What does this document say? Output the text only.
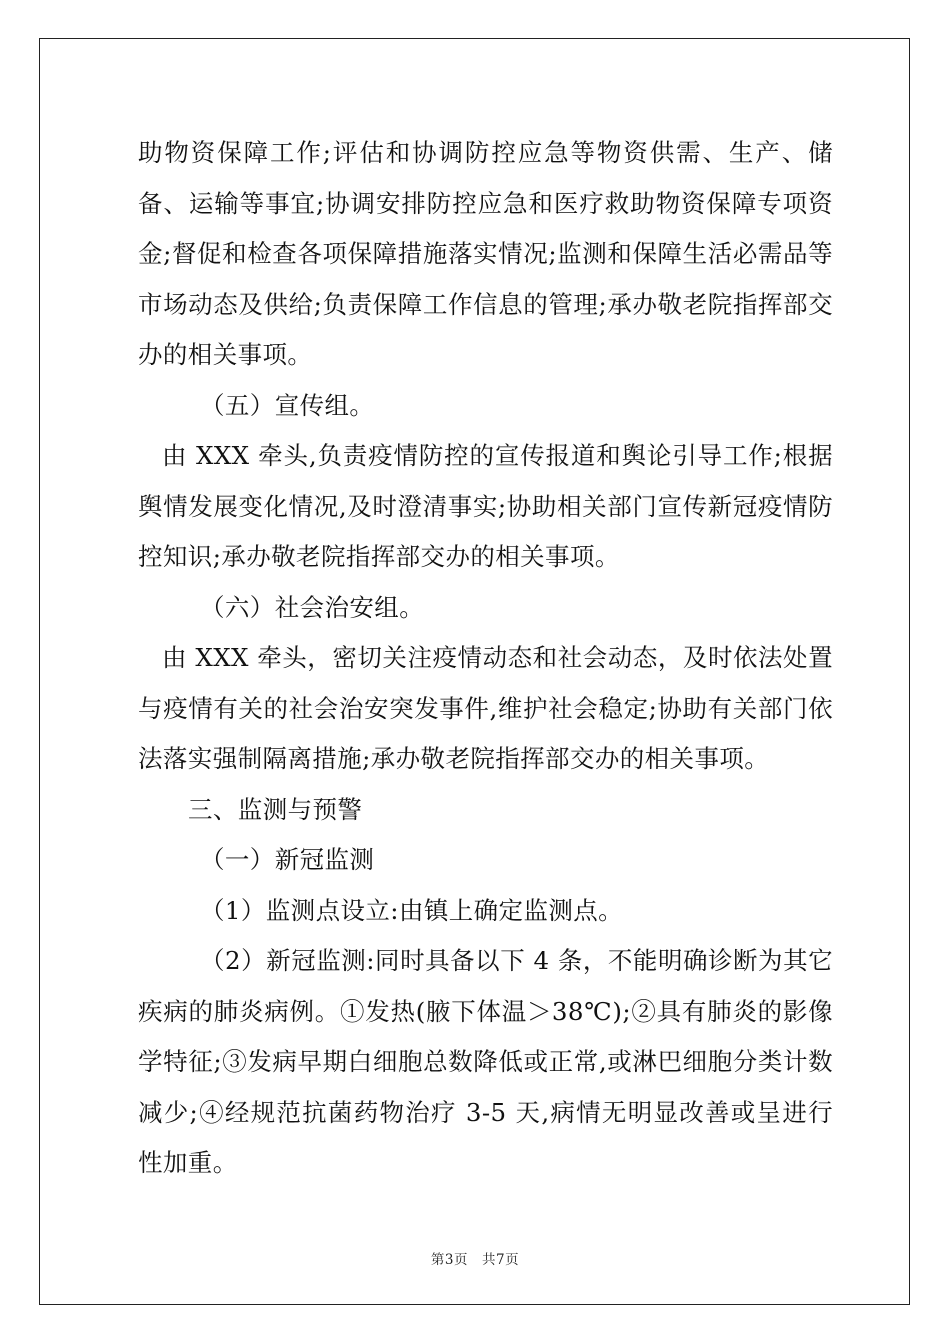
助物资保障工作;评估和协调防控应急等物资供需、生产、储备、运输等事宜;协调安排防控应急和医疗救助物资保障专项资金;督促和检查各项保障措施落实情况;监测和保障生活必需品等市场动态及供给;负责保障工作信息的管理;承办敬老院指挥部交办的相关事项。

（五）宣传组。

由 XXX 牵头,负责疫情防控的宣传报道和舆论引导工作;根据舆情发展变化情况,及时澄清事实;协助相关部门宣传新冠疫情防控知识;承办敬老院指挥部交办的相关事项。

（六）社会治安组。

由 XXX 牵头，密切关注疫情动态和社会动态，及时依法处置与疫情有关的社会治安突发事件,维护社会稳定;协助有关部门依法落实强制隔离措施;承办敬老院指挥部交办的相关事项。

三、监测与预警

（一）新冠监测

（1）监测点设立:由镇上确定监测点。

（2）新冠监测:同时具备以下 4 条，不能明确诊断为其它疾病的肺炎病例。①发热(腋下体温＞38℃);②具有肺炎的影像学特征;③发病早期白细胞总数降低或正常,或淋巴细胞分类计数减少;④经规范抗菌药物治疗 3-5 天,病情无明显改善或呈进行性加重。

第3页　共7页
